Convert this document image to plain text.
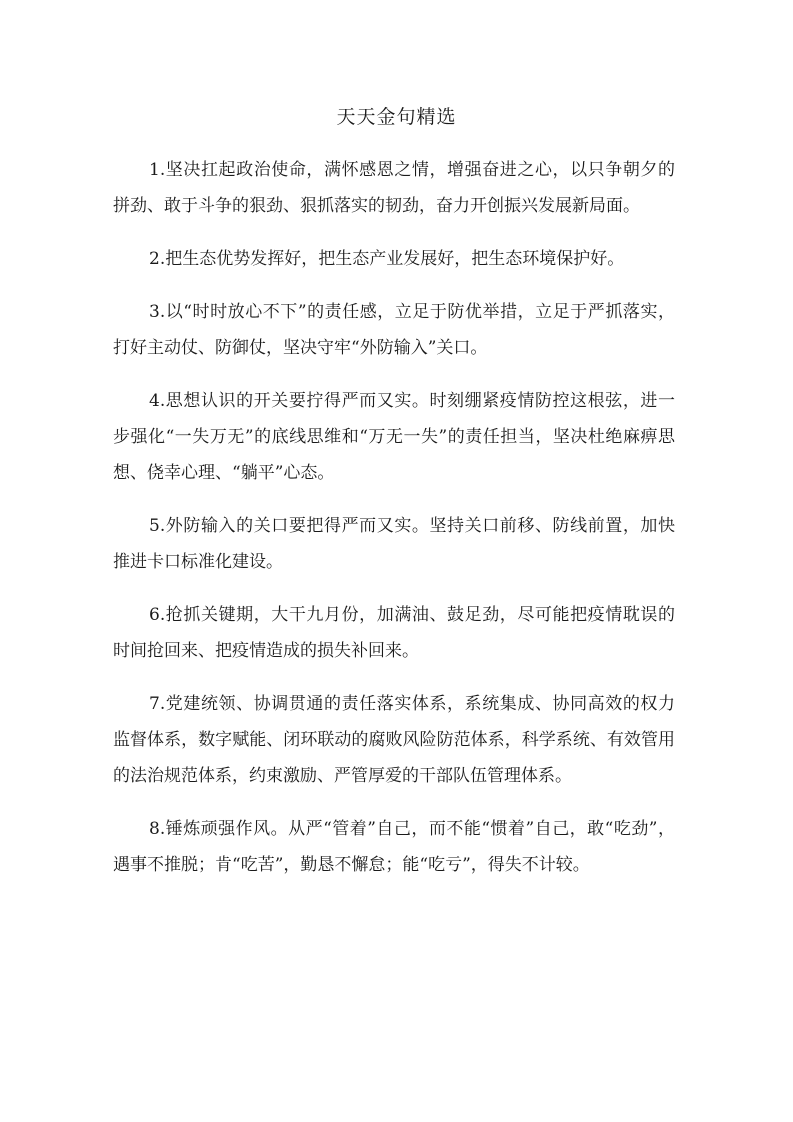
天天金句精选

1.坚决扛起政治使命，满怀感恩之情，增强奋进之心，以只争朝夕的拼劲、敢于斗争的狠劲、狠抓落实的韧劲，奋力开创振兴发展新局面。

2.把生态优势发挥好，把生态产业发展好，把生态环境保护好。

3.以“时时放心不下”的责任感，立足于防优举措，立足于严抓落实，打好主动仗、防御仗，坚决守牢“外防输入”关口。

4.思想认识的开关要拧得严而又实。时刻绷紧疫情防控这根弦，进一步强化“一失万无”的底线思维和“万无一失”的责任担当，坚决杜绝麻痹思想、侥幸心理、“躺平”心态。

5.外防输入的关口要把得严而又实。坚持关口前移、防线前置，加快推进卡口标准化建设。

6.抢抓关键期，大干九月份，加满油、鼓足劲，尽可能把疫情耽误的时间抢回来、把疫情造成的损失补回来。

7.党建统领、协调贯通的责任落实体系，系统集成、协同高效的权力监督体系，数字赋能、闭环联动的腐败风险防范体系，科学系统、有效管用的法治规范体系，约束激励、严管厚爱的干部队伍管理体系。

8.锤炼顽强作风。从严“管着”自己，而不能“惯着”自己，敢“吃劲”，遇事不推脱；肯“吃苦”，勤恳不懈怠；能“吃亏”，得失不计较。
